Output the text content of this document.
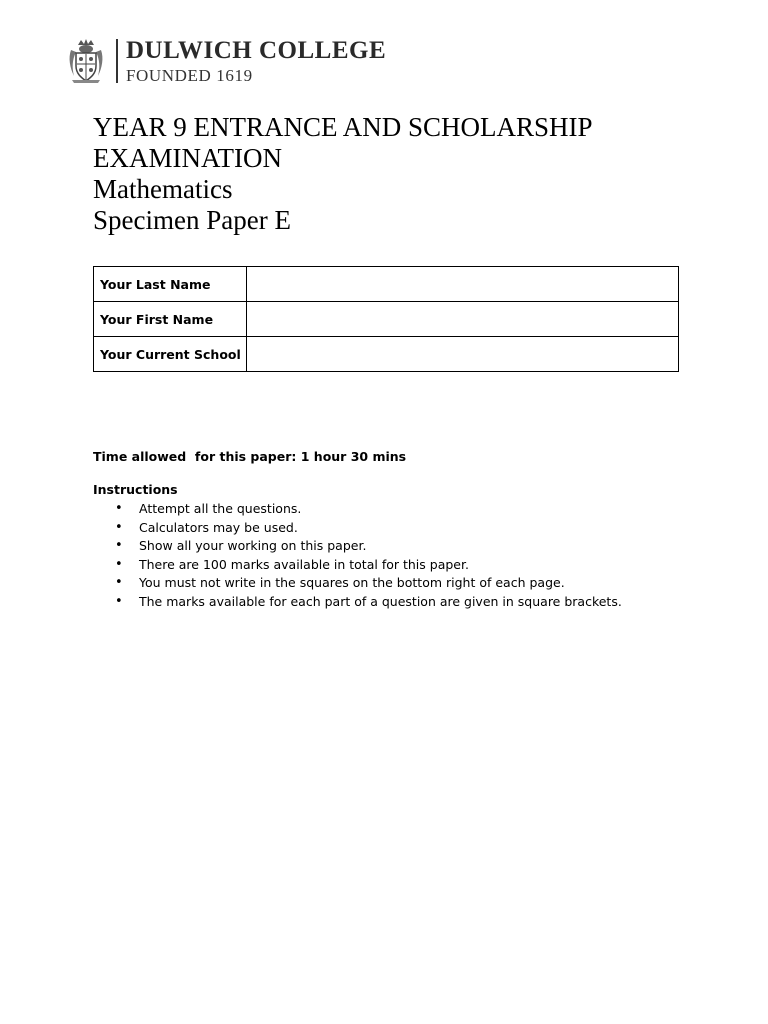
DULWICH COLLEGE
FOUNDED 1619
YEAR 9 ENTRANCE AND SCHOLARSHIP
EXAMINATION
Mathematics
Specimen Paper E
Your Last Name	
Your First Name	
Your Current School	
Time allowed  for this paper: 1 hour 30 mins
Instructions
• Attempt all the questions.
• Calculators may be used.
• Show all your working on this paper.
• There are 100 marks available in total for this paper.
• You must not write in the squares on the bottom right of each page.
• The marks available for each part of a question are given in square brackets.
